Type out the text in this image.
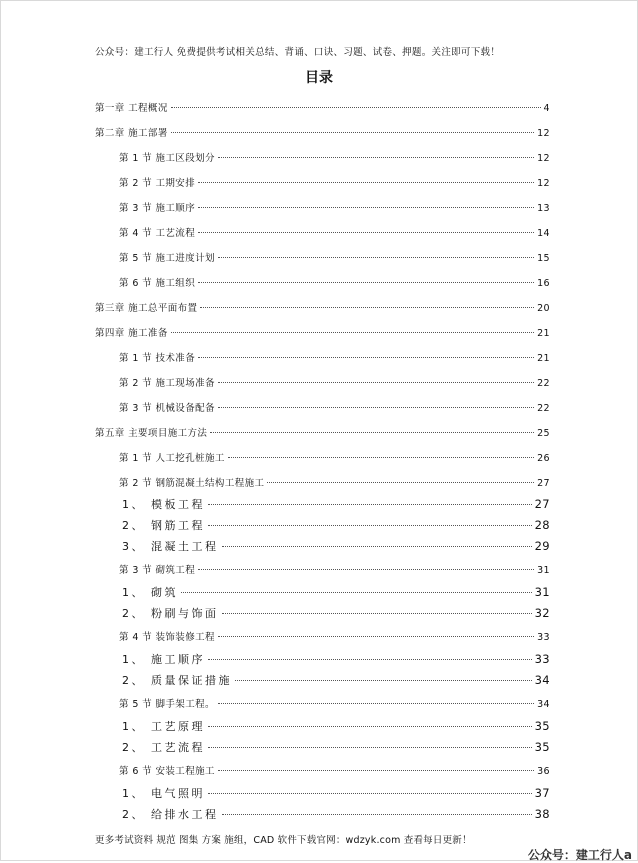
公众号：建工行人 免费提供考试相关总结、背诵、口诀、习题、试卷、押题。关注即可下载！
目录
第一章 工程概况	4
第二章 施工部署	12
第 1 节 施工区段划分	12
第 2 节 工期安排	12
第 3 节 施工顺序	13
第 4 节 工艺流程	14
第 5 节 施工进度计划	15
第 6 节 施工组织	16
第三章 施工总平面布置	20
第四章 施工准备	21
第 1 节 技术准备	21
第 2 节 施工现场准备	22
第 3 节 机械设备配备	22
第五章 主要项目施工方法	25
第 1 节 人工挖孔桩施工	26
第 2 节 钢筋混凝土结构工程施工	27
1、 模板工程	27
2、 钢筋工程	28
3、 混凝土工程	29
第 3 节 砌筑工程	31
1、 砌筑	31
2、 粉刷与饰面	32
第 4 节 装饰装修工程	33
1、 施工顺序	33
2、 质量保证措施	34
第 5 节 脚手架工程。	34
1、 工艺原理	35
2、 工艺流程	35
第 6 节 安装工程施工	36
1、 电气照明	37
2、 给排水工程	38
更多考试资料 规范 图集 方案 施组，CAD 软件下载官网：wdzyk.com 查看每日更新！
公众号：建工行人a
